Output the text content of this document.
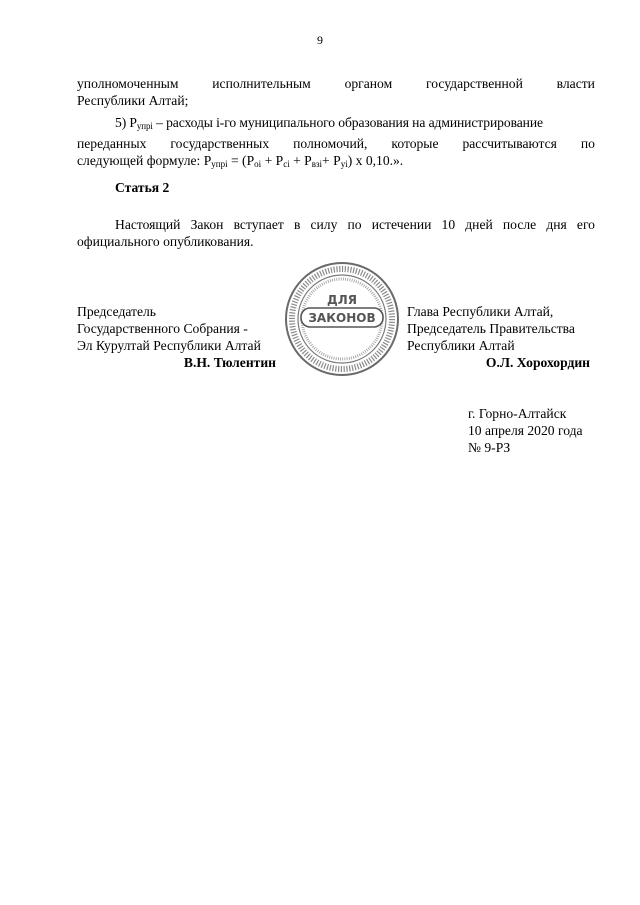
9
уполномоченным исполнительным органом государственной власти
Республики Алтай;
5) $P_{упрi}$ – расходы i-го муниципального образования на администрирование
переданных государственных полномочий, которые рассчитываются по
следующей формуле: $P_{упрi} = (P_{оi} + P_{сi} + P_{взi}+ P_{уi})$ х 0,10.».
Статья 2
Настоящий Закон вступает в силу по истечении 10 дней после дня его
официального опубликования.
ДЛЯ
ЗАКОНОВ
Председатель
Государственного Собрания -
Эл Курултай Республики Алтай
В.Н. Тюлентин
Глава Республики Алтай,
Председатель Правительства
Республики Алтай
О.Л. Хорохордин
г. Горно-Алтайск
10 апреля 2020 года
№ 9-РЗ
